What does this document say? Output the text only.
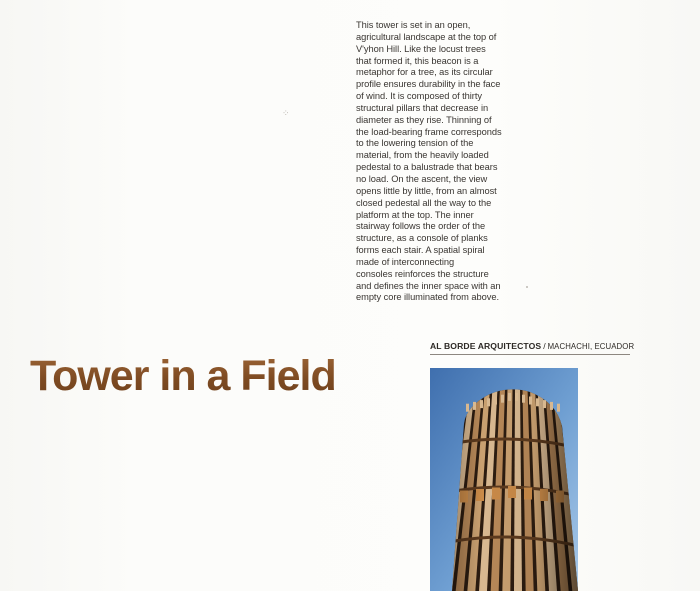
⁘

This tower is set in an open,
agricultural landscape at the top of
V'yhon Hill. Like the locust trees
that formed it, this beacon is a
metaphor for a tree, as its circular
profile ensures durability in the face
of wind. It is composed of thirty
structural pillars that decrease in
diameter as they rise. Thinning of
the load-bearing frame corresponds
to the lowering tension of the
material, from the heavily loaded
pedestal to a balustrade that bears
no load. On the ascent, the view
opens little by little, from an almost
closed pedestal all the way to the
platform at the top. The inner
stairway follows the order of the
structure, as a console of planks
forms each stair. A spatial spiral
made of interconnecting
consoles reinforces the structure
and defines the inner space with an
empty core illuminated from above.

AL BORDE ARQUITECTOS / MACHACHI, ECUADOR
Tower in a Field
